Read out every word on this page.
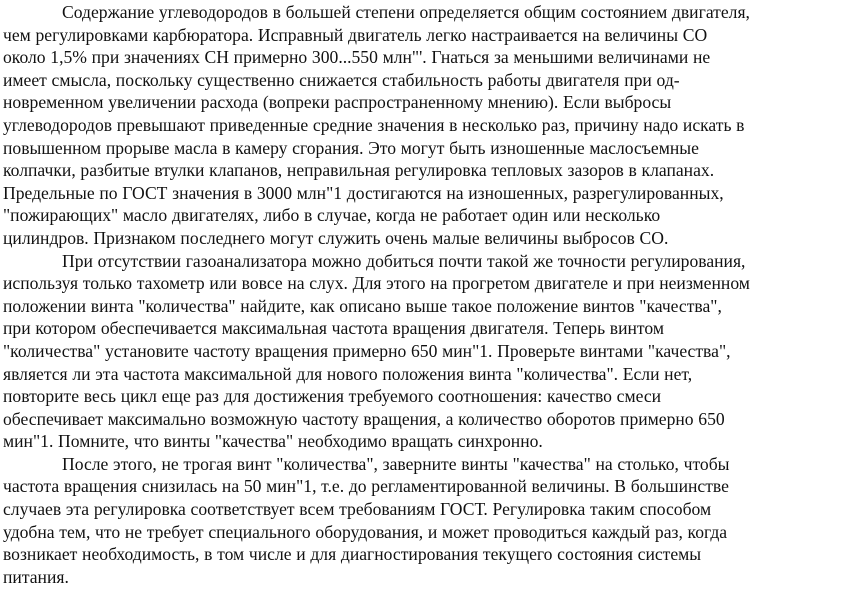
Содержание углеводородов в большей степени определяется общим состоянием двигателя,
чем регулировками карбюратора. Исправный двигатель легко настраивается на величины СО
около 1,5% при значениях СН примерно 300...550 млн"'. Гнаться за меньшими величинами не
имеет смысла, поскольку существенно снижается стабильность работы двигателя при од-
новременном увеличении расхода (вопреки распространенному мнению). Если выбросы
углеводородов превышают приведенные средние значения в несколько раз, причину надо искать в
повышенном прорыве масла в камеру сгорания. Это могут быть изношенные маслосъемные
колпачки, разбитые втулки клапанов, неправильная регулировка тепловых зазоров в клапанах.
Предельные по ГОСТ значения в 3000 млн"1 достигаются на изношенных, разрегулированных,
"пожирающих" масло двигателях, либо в случае, когда не работает один или несколько
цилиндров. Признаком последнего могут служить очень малые величины выбросов СО.

При отсутствии газоанализатора можно добиться почти такой же точности регулирования,
используя только тахометр или вовсе на слух. Для этого на прогретом двигателе и при неизменном
положении винта "количества" найдите, как описано выше такое положение винтов "качества",
при котором обеспечивается максимальная частота вращения двигателя. Теперь винтом
"количества" установите частоту вращения примерно 650 мин"1. Проверьте винтами "качества",
является ли эта частота максимальной для нового положения винта "количества". Если нет,
повторите весь цикл еще раз для достижения требуемого соотношения: качество смеси
обеспечивает максимально возможную частоту вращения, а количество оборотов примерно 650
мин"1. Помните, что винты "качества" необходимо вращать синхронно.

После этого, не трогая винт "количества", заверните винты "качества" на столько, чтобы
частота вращения снизилась на 50 мин"1, т.е. до регламентированной величины. В большинстве
случаев эта регулировка соответствует всем требованиям ГОСТ. Регулировка таким способом
удобна тем, что не требует специального оборудования, и может проводиться каждый раз, когда
возникает необходимость, в том числе и для диагностирования текущего состояния системы
питания.
